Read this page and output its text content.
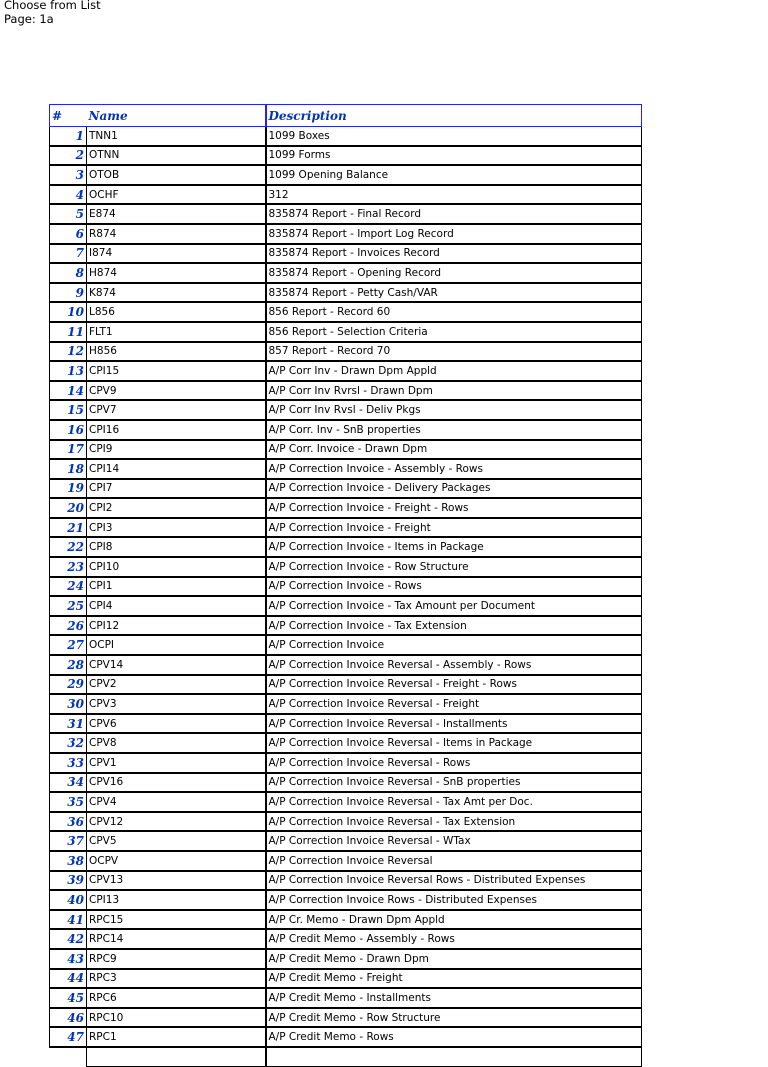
Choose from List
Page: 1a
#	Name	Description
1	TNN1	1099 Boxes
2	OTNN	1099 Forms
3	OTOB	1099 Opening Balance
4	OCHF	312
5	E874	835874 Report - Final Record
6	R874	835874 Report - Import Log Record
7	I874	835874 Report - Invoices Record
8	H874	835874 Report - Opening Record
9	K874	835874 Report - Petty Cash/VAR
10	L856	856 Report - Record 60
11	FLT1	856 Report - Selection Criteria
12	H856	857 Report - Record 70
13	CPI15	A/P Corr Inv - Drawn Dpm Appld
14	CPV9	A/P Corr Inv Rvrsl - Drawn Dpm
15	CPV7	A/P Corr Inv Rvsl - Deliv Pkgs
16	CPI16	A/P Corr. Inv - SnB properties
17	CPI9	A/P Corr. Invoice - Drawn Dpm
18	CPI14	A/P Correction Invoice - Assembly - Rows
19	CPI7	A/P Correction Invoice - Delivery Packages
20	CPI2	A/P Correction Invoice - Freight - Rows
21	CPI3	A/P Correction Invoice - Freight
22	CPI8	A/P Correction Invoice - Items in Package
23	CPI10	A/P Correction Invoice - Row Structure
24	CPI1	A/P Correction Invoice - Rows
25	CPI4	A/P Correction Invoice - Tax Amount per Document
26	CPI12	A/P Correction Invoice - Tax Extension
27	OCPI	A/P Correction Invoice
28	CPV14	A/P Correction Invoice Reversal - Assembly - Rows
29	CPV2	A/P Correction Invoice Reversal - Freight - Rows
30	CPV3	A/P Correction Invoice Reversal - Freight
31	CPV6	A/P Correction Invoice Reversal - Installments
32	CPV8	A/P Correction Invoice Reversal - Items in Package
33	CPV1	A/P Correction Invoice Reversal - Rows
34	CPV16	A/P Correction Invoice Reversal - SnB properties
35	CPV4	A/P Correction Invoice Reversal - Tax Amt per Doc.
36	CPV12	A/P Correction Invoice Reversal - Tax Extension
37	CPV5	A/P Correction Invoice Reversal - WTax
38	OCPV	A/P Correction Invoice Reversal
39	CPV13	A/P Correction Invoice Reversal Rows - Distributed Expenses
40	CPI13	A/P Correction Invoice Rows - Distributed Expenses
41	RPC15	A/P Cr. Memo - Drawn Dpm Appld
42	RPC14	A/P Credit Memo - Assembly - Rows
43	RPC9	A/P Credit Memo - Drawn Dpm
44	RPC3	A/P Credit Memo - Freight
45	RPC6	A/P Credit Memo - Installments
46	RPC10	A/P Credit Memo - Row Structure
47	RPC1	A/P Credit Memo - Rows
